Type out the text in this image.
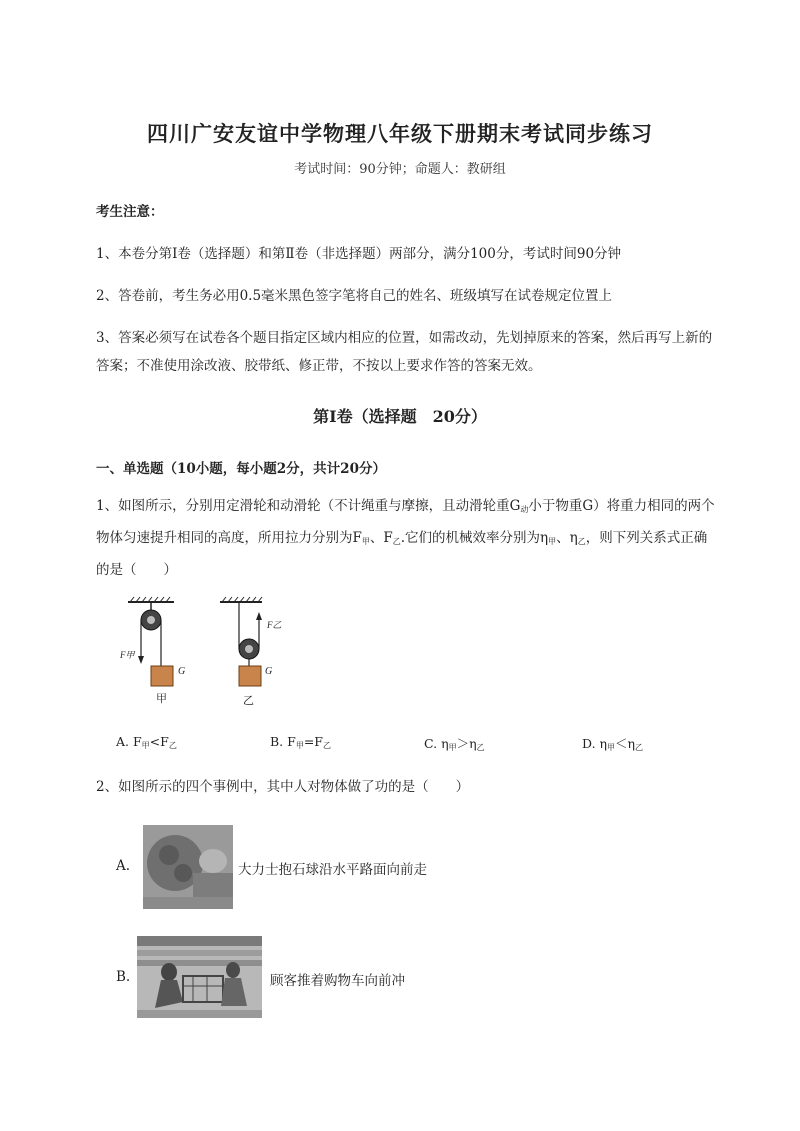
四川广安友谊中学物理八年级下册期末考试同步练习
考试时间：90分钟；命题人：教研组
考生注意：
1、本卷分第I卷（选择题）和第Ⅱ卷（非选择题）两部分，满分100分，考试时间90分钟
2、答卷前，考生务必用0.5毫米黑色签字笔将自己的姓名、班级填写在试卷规定位置上
3、答案必须写在试卷各个题目指定区域内相应的位置，如需改动，先划掉原来的答案，然后再写上新的答案；不准使用涂改液、胶带纸、修正带，不按以上要求作答的答案无效。
第I卷（选择题　20分）
一、单选题（10小题，每小题2分，共计20分）
1、如图所示，分别用定滑轮和动滑轮（不计绳重与摩擦，且动滑轮重$G_动$小于物重G）将重力相同的两个物体匀速提升相同的高度，所用拉力分别为$F_甲$、$F_乙$.它们的机械效率分别为$\eta_甲$、$\eta_乙$，则下列关系式正确的是（　　）
F甲
G
甲
F乙
G
乙
A. $F_甲<F_乙$	B. $F_甲=F_乙$	C. $\eta_甲>\eta_乙$	D. $\eta_甲<\eta_乙$
2、如图所示的四个事例中，其中人对物体做了功的是（　　）
A.	大力士抱石球沿水平路面向前走
B.	顾客推着购物车向前冲
